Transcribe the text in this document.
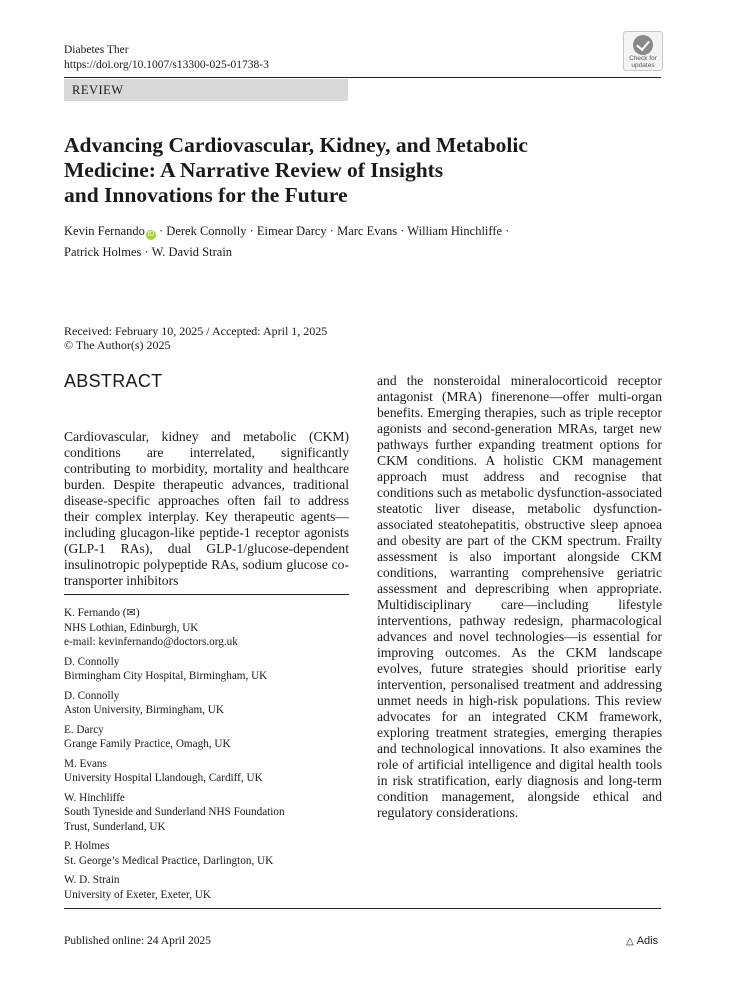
Diabetes Ther
https://doi.org/10.1007/s13300-025-01738-3
Check for
updates
REVIEW
Advancing Cardiovascular, Kidney, and Metabolic
Medicine: A Narrative Review of Insights
and Innovations for the Future
Kevin Fernando iD · Derek Connolly · Eimear Darcy · Marc Evans · William Hinchliffe ·
Patrick Holmes · W. David Strain
Received: February 10, 2025 / Accepted: April 1, 2025
© The Author(s) 2025
ABSTRACT
Cardiovascular, kidney and metabolic (CKM) conditions are interrelated, significantly contributing to morbidity, mortality and healthcare burden. Despite therapeutic advances, traditional disease-specific approaches often fail to address their complex interplay. Key therapeutic agents—including glucagon-like peptide-1 receptor agonists (GLP-1 RAs), dual GLP-1/glucose-dependent insulinotropic polypeptide RAs, sodium glucose co-transporter inhibitors
and the nonsteroidal mineralocorticoid receptor antagonist (MRA) finerenone—offer multi-organ benefits. Emerging therapies, such as triple receptor agonists and second-generation MRAs, target new pathways further expanding treatment options for CKM conditions. A holistic CKM management approach must address and recognise that conditions such as metabolic dysfunction-associated steatotic liver disease, metabolic dysfunction-associated steatohepatitis, obstructive sleep apnoea and obesity are part of the CKM spectrum. Frailty assessment is also important alongside CKM conditions, warranting comprehensive geriatric assessment and deprescribing when appropriate. Multidisciplinary care—including lifestyle interventions, pathway redesign, pharmacological advances and novel technologies—is essential for improving outcomes. As the CKM landscape evolves, future strategies should prioritise early intervention, personalised treatment and addressing unmet needs in high-risk populations. This review advocates for an integrated CKM framework, exploring treatment strategies, emerging therapies and technological innovations. It also examines the role of artificial intelligence and digital health tools in risk stratification, early diagnosis and long-term condition management, alongside ethical and regulatory considerations.
K. Fernando (✉)
NHS Lothian, Edinburgh, UK
e-mail: kevinfernando@doctors.org.uk
D. Connolly
Birmingham City Hospital, Birmingham, UK
D. Connolly
Aston University, Birmingham, UK
E. Darcy
Grange Family Practice, Omagh, UK
M. Evans
University Hospital Llandough, Cardiff, UK
W. Hinchliffe
South Tyneside and Sunderland NHS Foundation
Trust, Sunderland, UK
P. Holmes
St. George’s Medical Practice, Darlington, UK
W. D. Strain
University of Exeter, Exeter, UK
Published online: 24 April 2025	△ Adis
